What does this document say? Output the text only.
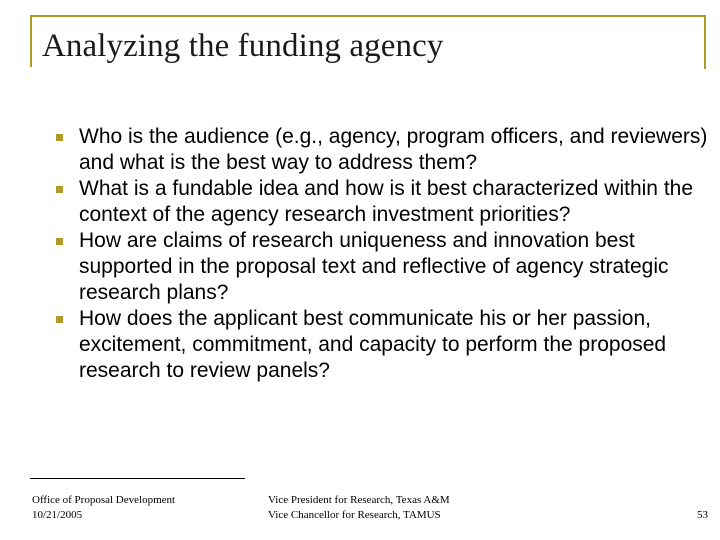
Analyzing the funding agency
Who is the audience (e.g., agency, program officers, and reviewers) and what is the best way to address them?
What is a fundable idea and how is it best characterized within the context of the agency research investment priorities?
How are claims of research uniqueness and innovation best supported in the proposal text and reflective of agency strategic research plans?
How does the applicant best communicate his or her passion, excitement, commitment, and capacity to perform the proposed research to review panels?
Office of Proposal Development
10/21/2005
Vice President for Research, Texas A&M
Vice Chancellor for Research, TAMUS	53
